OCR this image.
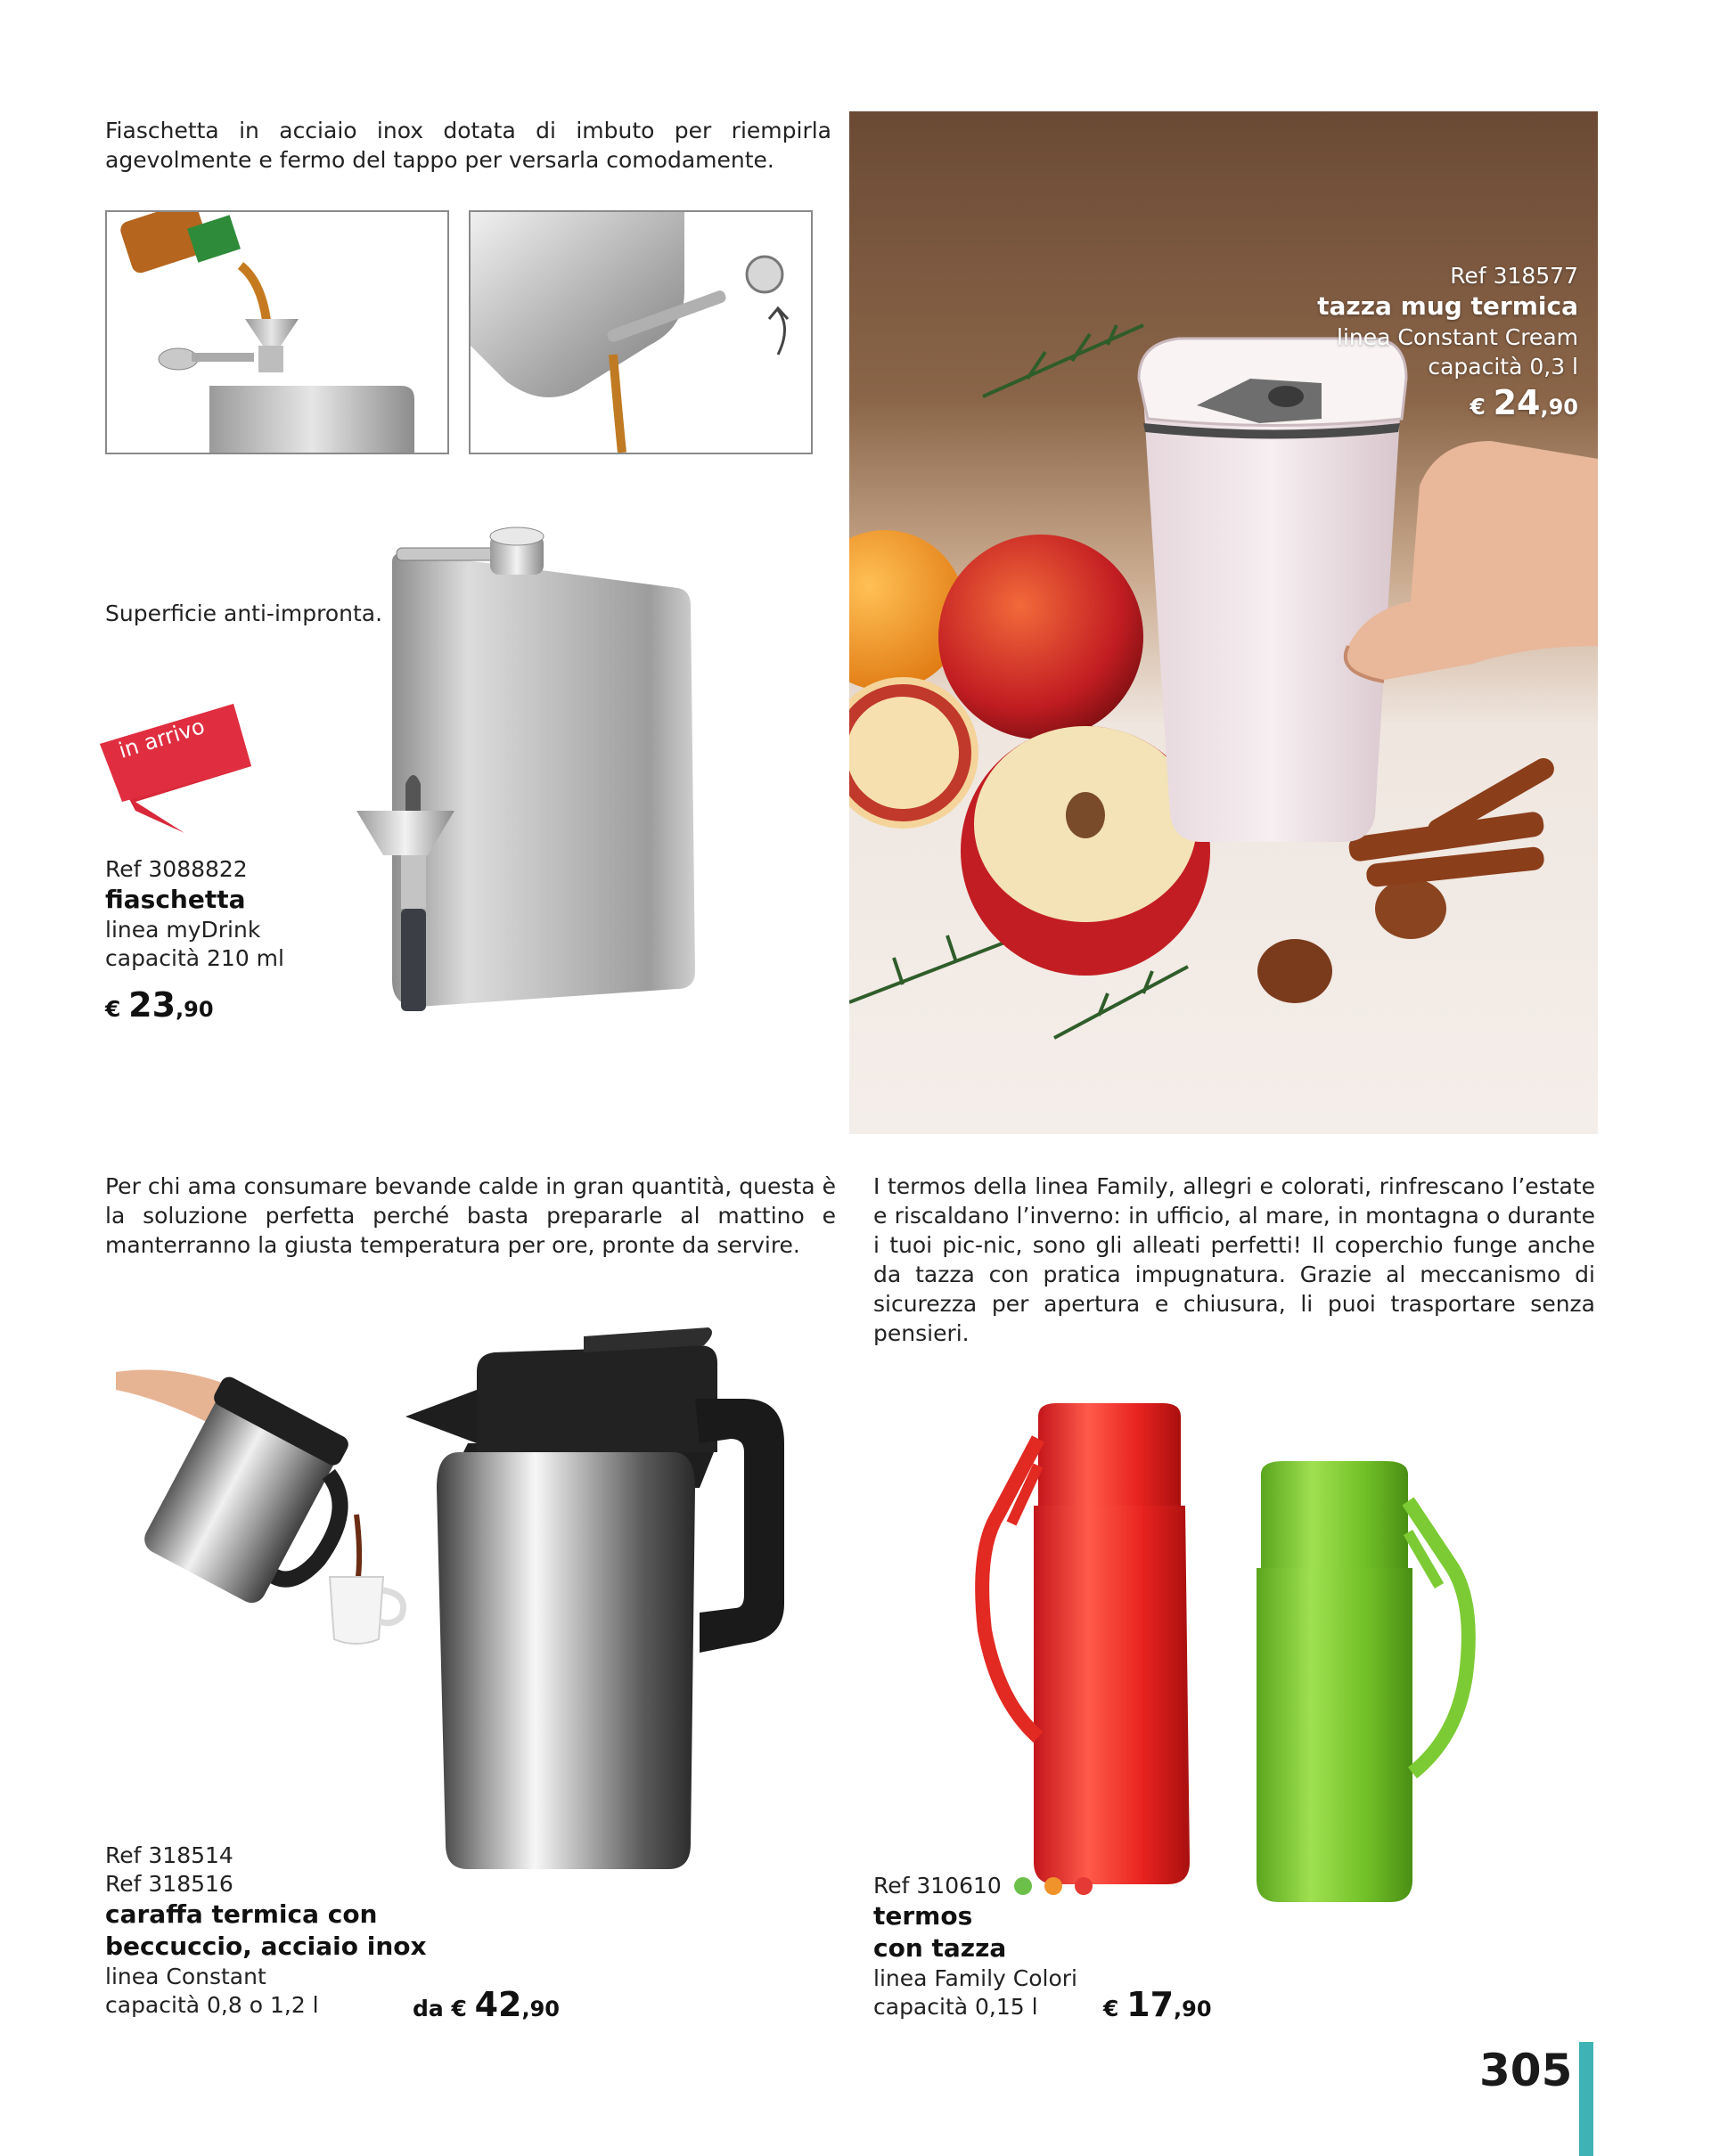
Fiaschetta in acciaio inox dotata di imbuto per riempirla agevolmente e fermo del tappo per versarla comodamente.
Superficie anti-impronta.
in arrivo
Ref 3088822
fiaschetta
linea myDrink
capacità 210 ml
€ 23,90
Ref 318577
tazza mug termica
linea Constant Cream
capacità 0,3 l
€ 24,90
Per chi ama consumare bevande calde in gran quantità, questa è la soluzione perfetta perché basta prepararle al mattino e manterranno la giusta temperatura per ore, pronte da servire.
Ref 318514
Ref 318516
caraffa termica con
beccuccio, acciaio inox
linea Constant
capacità 0,8 o 1,2 l	da € 42,90
I termos della linea Family, allegri e colorati, rinfrescano l’estate e riscaldano l’inverno: in ufficio, al mare, in montagna o durante i tuoi pic-nic, sono gli alleati perfetti! Il coperchio funge anche da tazza con pratica impugnatura. Grazie al meccanismo di sicurezza per apertura e chiusura, li puoi trasportare senza pensieri.
Ref 310610
termos
con tazza
linea Family Colori
capacità 0,15 l	€ 17,90
305
